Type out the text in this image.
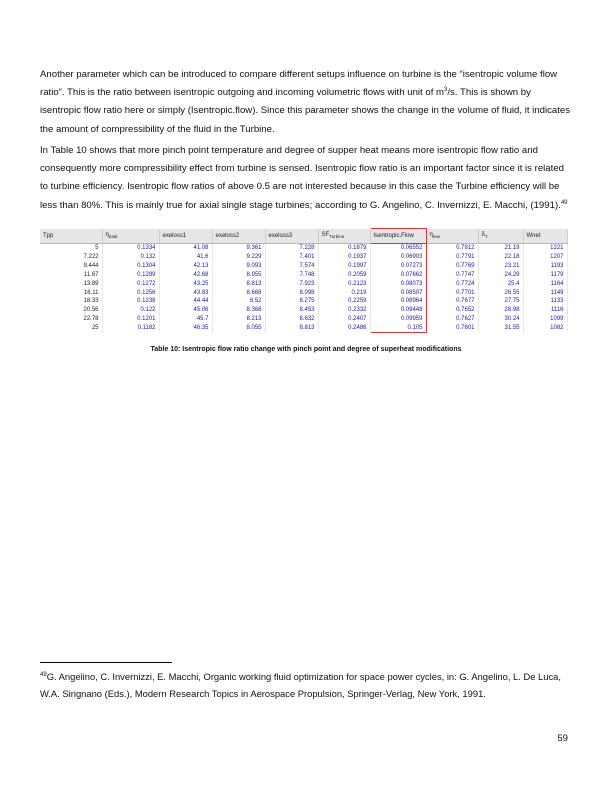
Another parameter which can be introduced to compare different setups influence on turbine is the “isentropic volume flow ratio”. This is the ratio between isentropic outgoing and incoming volumetric flows with unit of $m^3/s$. This is shown by isentropic flow ratio here or simply (Isentropic.flow). Since this parameter shows the change in the volume of fluid, it indicates the amount of compressibility of the fluid in the Turbine.

In Table 10 shows that more pinch point temperature and degree of supper heat means more isentropic flow ratio and consequently more compressibility effect from turbine is sensed. Isentropic flow ratio is an important factor since it is related to turbine efficiency. Isentropic flow ratios of above 0.5 are not interested because in this case the Turbine efficiency will be less than 80%. This is mainly true for axial single stage turbines; according to G. Angelino, C. Invernizzi, E. Macchi, (1991).$^{49}$

Tpp	$\eta_{total}$	exeloss1	exeloss2	exeloss3	$SF_{Turbine}$	Isentropic.Flow	$\eta_{exe}$	$\delta_T$	Wnet
5	0.1334	41.08	9.361	7.228	0.1879	0.06552	0.7812	21.19	1221
7.222	0.132	41.6	9.229	7.401	0.1937	0.06903	0.7791	22.18	1207
9.444	0.1304	42.13	9.093	7.574	0.1997	0.07273	0.7769	23.21	1193
11.67	0.1289	42.68	8.955	7.748	0.2059	0.07662	0.7747	24.29	1179
13.89	0.1272	43.25	8.813	7.923	0.2123	0.08073	0.7724	25.4	1164
16.11	0.1256	43.83	8.668	8.098	0.219	0.08507	0.7701	26.55	1149
18.33	0.1238	44.44	8.52	8.275	0.2259	0.08964	0.7677	27.75	1133
20.56	0.122	45.06	8.368	8.453	0.2332	0.09448	0.7652	28.98	1116
22.78	0.1201	45.7	8.213	8.632	0.2407	0.09959	0.7627	30.24	1099
25	0.1182	46.35	8.055	8.813	0.2486	0.105	0.7601	31.55	1082
Table 10: Isentropic flow ratio change with pinch point and degree of superheat modifications

$^{49}$G. Angelino, C. Invernizzi, E. Macchi, Organic working fluid optimization for space power cycles, in: G. Angelino, L. De Luca, W.A. Sirignano (Eds.), Modern Research Topics in Aerospace Propulsion, Springer-Verlag, New York, 1991.

59
